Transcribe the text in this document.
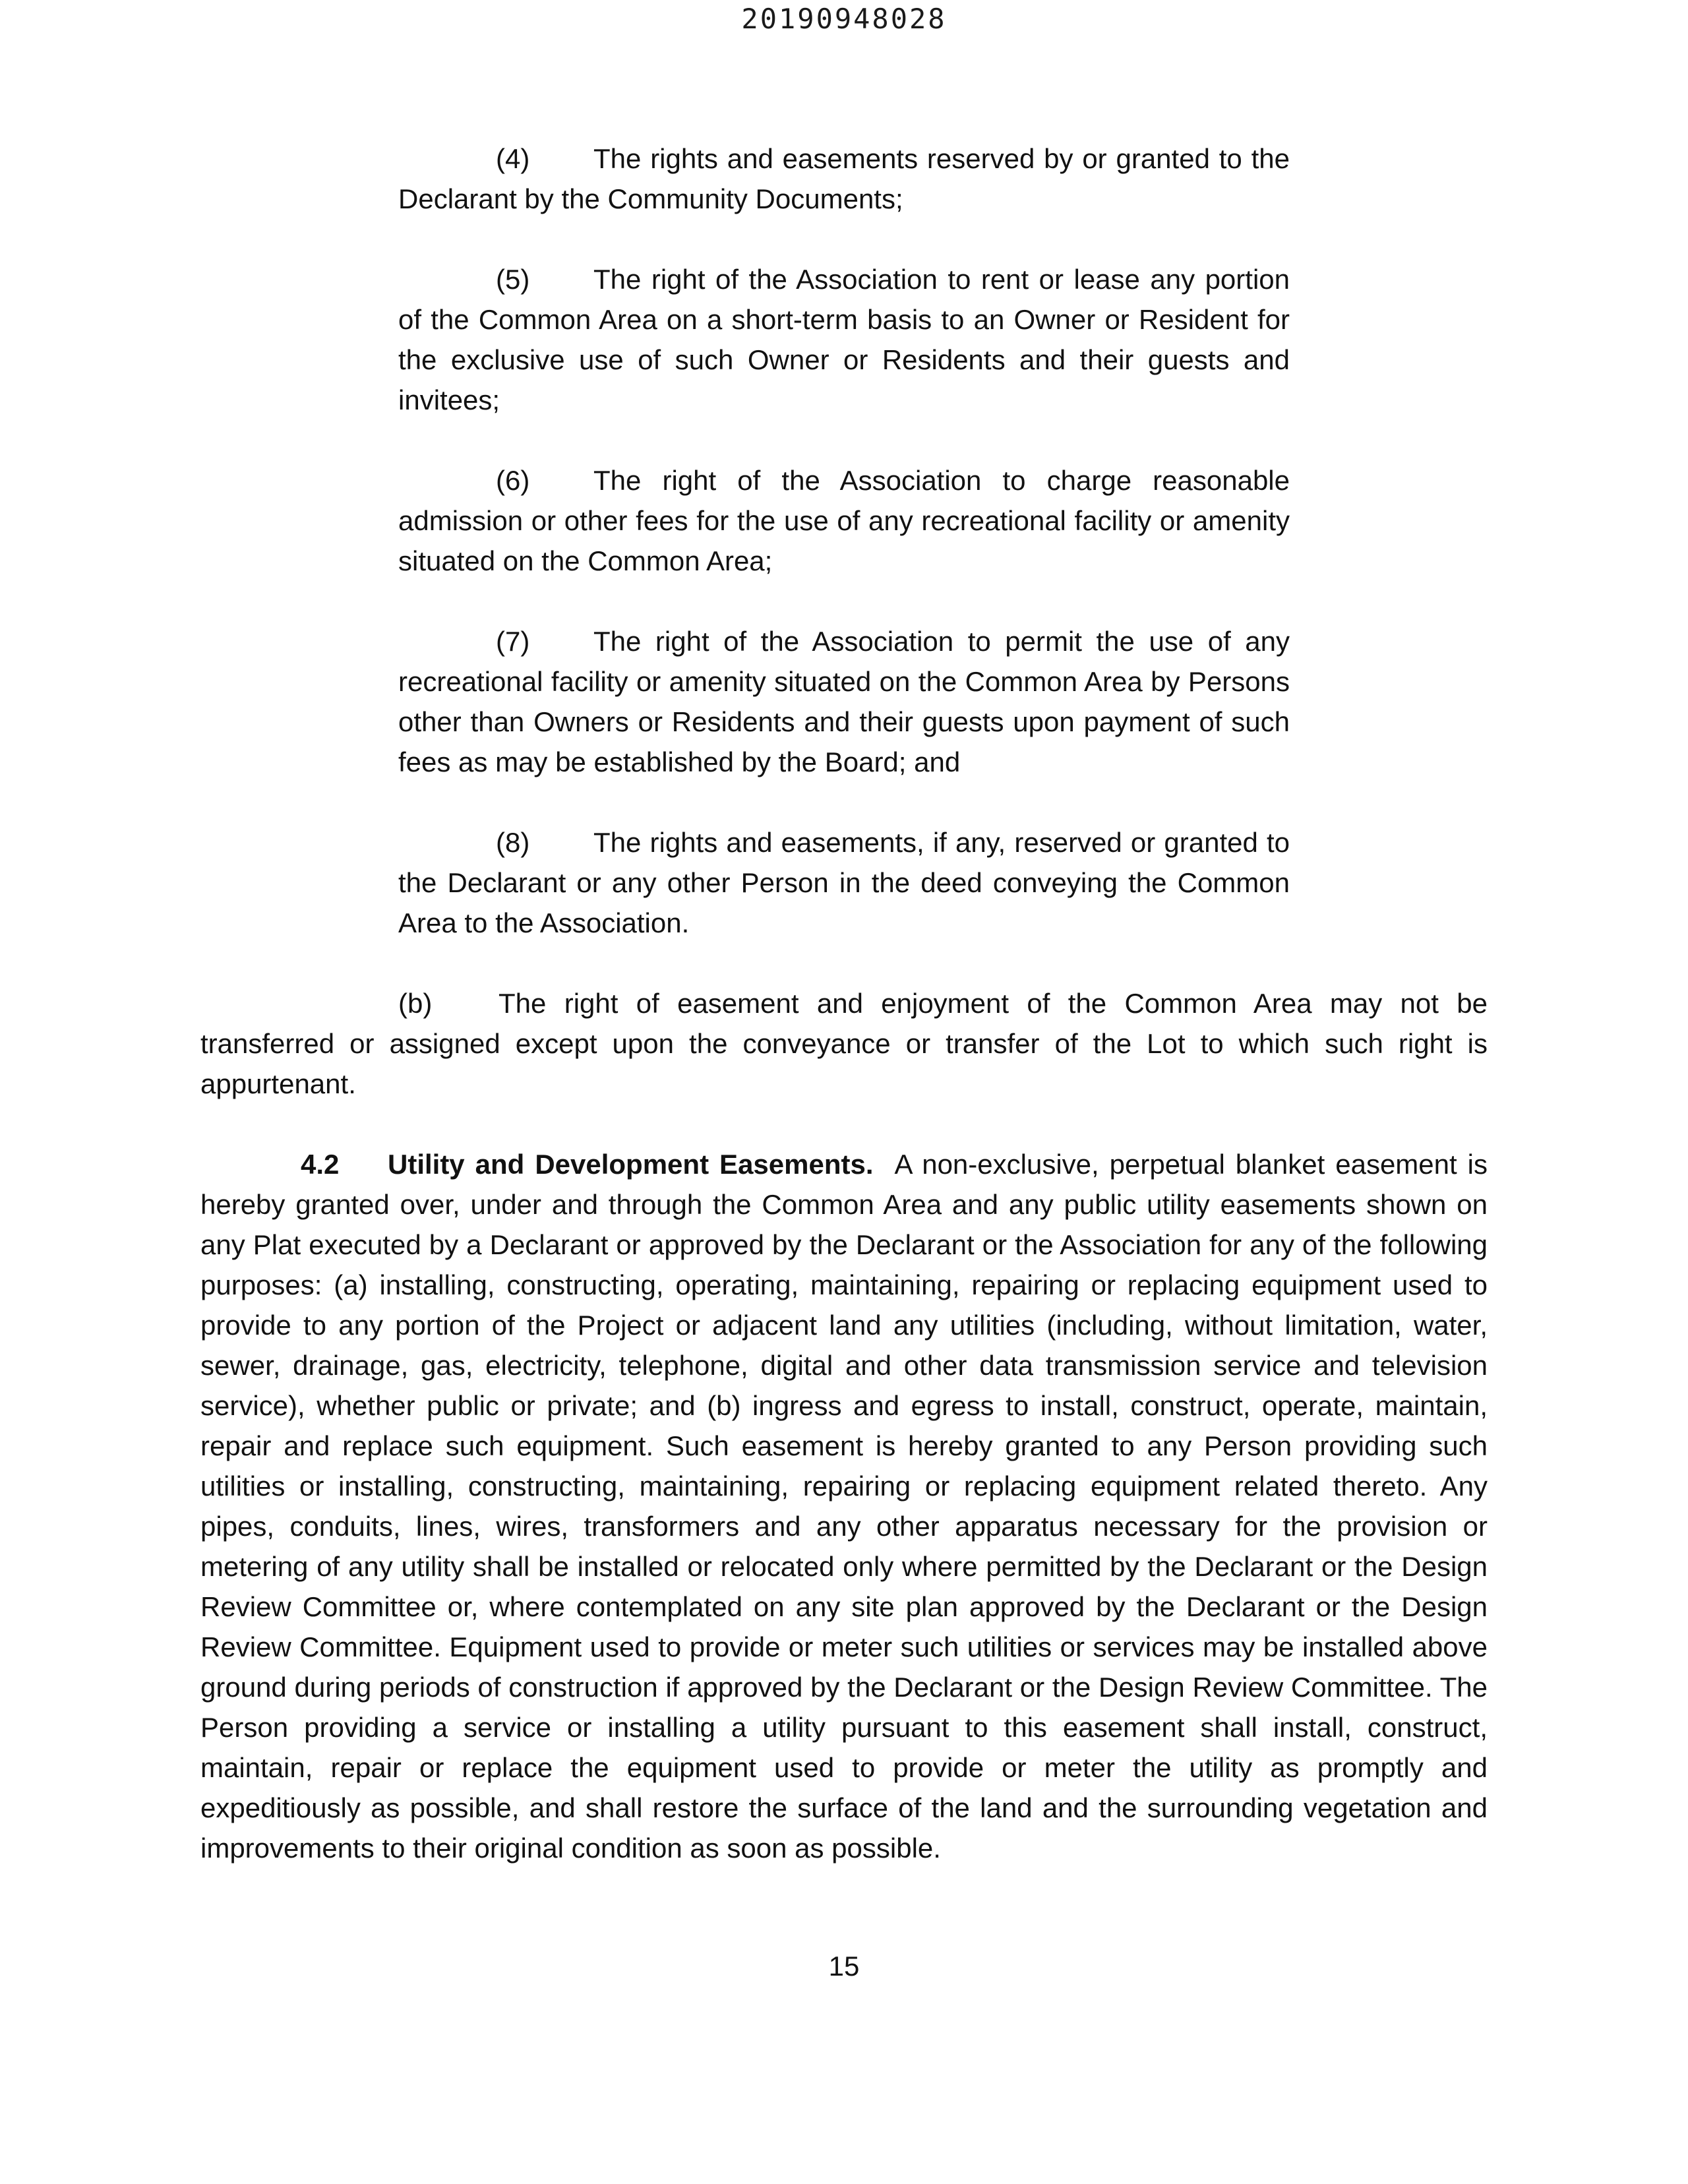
20190948028
(4) The rights and easements reserved by or granted to the Declarant by the Community Documents;
(5) The right of the Association to rent or lease any portion of the Common Area on a short-term basis to an Owner or Resident for the exclusive use of such Owner or Residents and their guests and invitees;
(6) The right of the Association to charge reasonable admission or other fees for the use of any recreational facility or amenity situated on the Common Area;
(7) The right of the Association to permit the use of any recreational facility or amenity situated on the Common Area by Persons other than Owners or Residents and their guests upon payment of such fees as may be established by the Board; and
(8) The rights and easements, if any, reserved or granted to the Declarant or any other Person in the deed conveying the Common Area to the Association.
(b) The right of easement and enjoyment of the Common Area may not be transferred or assigned except upon the conveyance or transfer of the Lot to which such right is appurtenant.
4.2 Utility and Development Easements. A non-exclusive, perpetual blanket easement is hereby granted over, under and through the Common Area and any public utility easements shown on any Plat executed by a Declarant or approved by the Declarant or the Association for any of the following purposes: (a) installing, constructing, operating, maintaining, repairing or replacing equipment used to provide to any portion of the Project or adjacent land any utilities (including, without limitation, water, sewer, drainage, gas, electricity, telephone, digital and other data transmission service and television service), whether public or private; and (b) ingress and egress to install, construct, operate, maintain, repair and replace such equipment. Such easement is hereby granted to any Person providing such utilities or installing, constructing, maintaining, repairing or replacing equipment related thereto. Any pipes, conduits, lines, wires, transformers and any other apparatus necessary for the provision or metering of any utility shall be installed or relocated only where permitted by the Declarant or the Design Review Committee or, where contemplated on any site plan approved by the Declarant or the Design Review Committee. Equipment used to provide or meter such utilities or services may be installed above ground during periods of construction if approved by the Declarant or the Design Review Committee. The Person providing a service or installing a utility pursuant to this easement shall install, construct, maintain, repair or replace the equipment used to provide or meter the utility as promptly and expeditiously as possible, and shall restore the surface of the land and the surrounding vegetation and improvements to their original condition as soon as possible.
15
